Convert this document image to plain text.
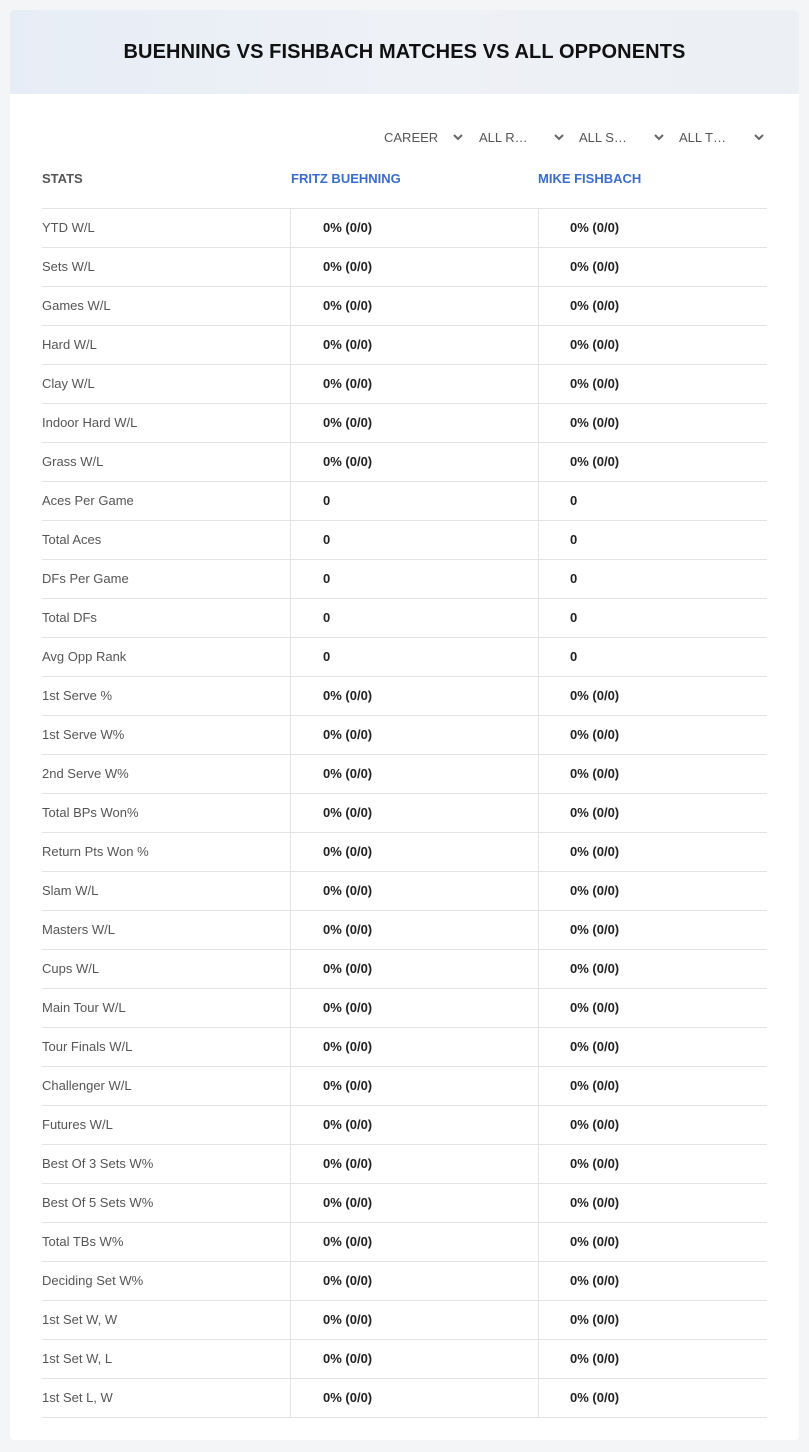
BUEHNING VS FISHBACH MATCHES VS ALL OPPONENTS
CAREER	ALL R…	ALL S…	ALL T…
STATS	FRITZ BUEHNING	MIKE FISHBACH
YTD W/L	0% (0/0)	0% (0/0)
Sets W/L	0% (0/0)	0% (0/0)
Games W/L	0% (0/0)	0% (0/0)
Hard W/L	0% (0/0)	0% (0/0)
Clay W/L	0% (0/0)	0% (0/0)
Indoor Hard W/L	0% (0/0)	0% (0/0)
Grass W/L	0% (0/0)	0% (0/0)
Aces Per Game	0	0
Total Aces	0	0
DFs Per Game	0	0
Total DFs	0	0
Avg Opp Rank	0	0
1st Serve %	0% (0/0)	0% (0/0)
1st Serve W%	0% (0/0)	0% (0/0)
2nd Serve W%	0% (0/0)	0% (0/0)
Total BPs Won%	0% (0/0)	0% (0/0)
Return Pts Won %	0% (0/0)	0% (0/0)
Slam W/L	0% (0/0)	0% (0/0)
Masters W/L	0% (0/0)	0% (0/0)
Cups W/L	0% (0/0)	0% (0/0)
Main Tour W/L	0% (0/0)	0% (0/0)
Tour Finals W/L	0% (0/0)	0% (0/0)
Challenger W/L	0% (0/0)	0% (0/0)
Futures W/L	0% (0/0)	0% (0/0)
Best Of 3 Sets W%	0% (0/0)	0% (0/0)
Best Of 5 Sets W%	0% (0/0)	0% (0/0)
Total TBs W%	0% (0/0)	0% (0/0)
Deciding Set W%	0% (0/0)	0% (0/0)
1st Set W, W	0% (0/0)	0% (0/0)
1st Set W, L	0% (0/0)	0% (0/0)
1st Set L, W	0% (0/0)	0% (0/0)
